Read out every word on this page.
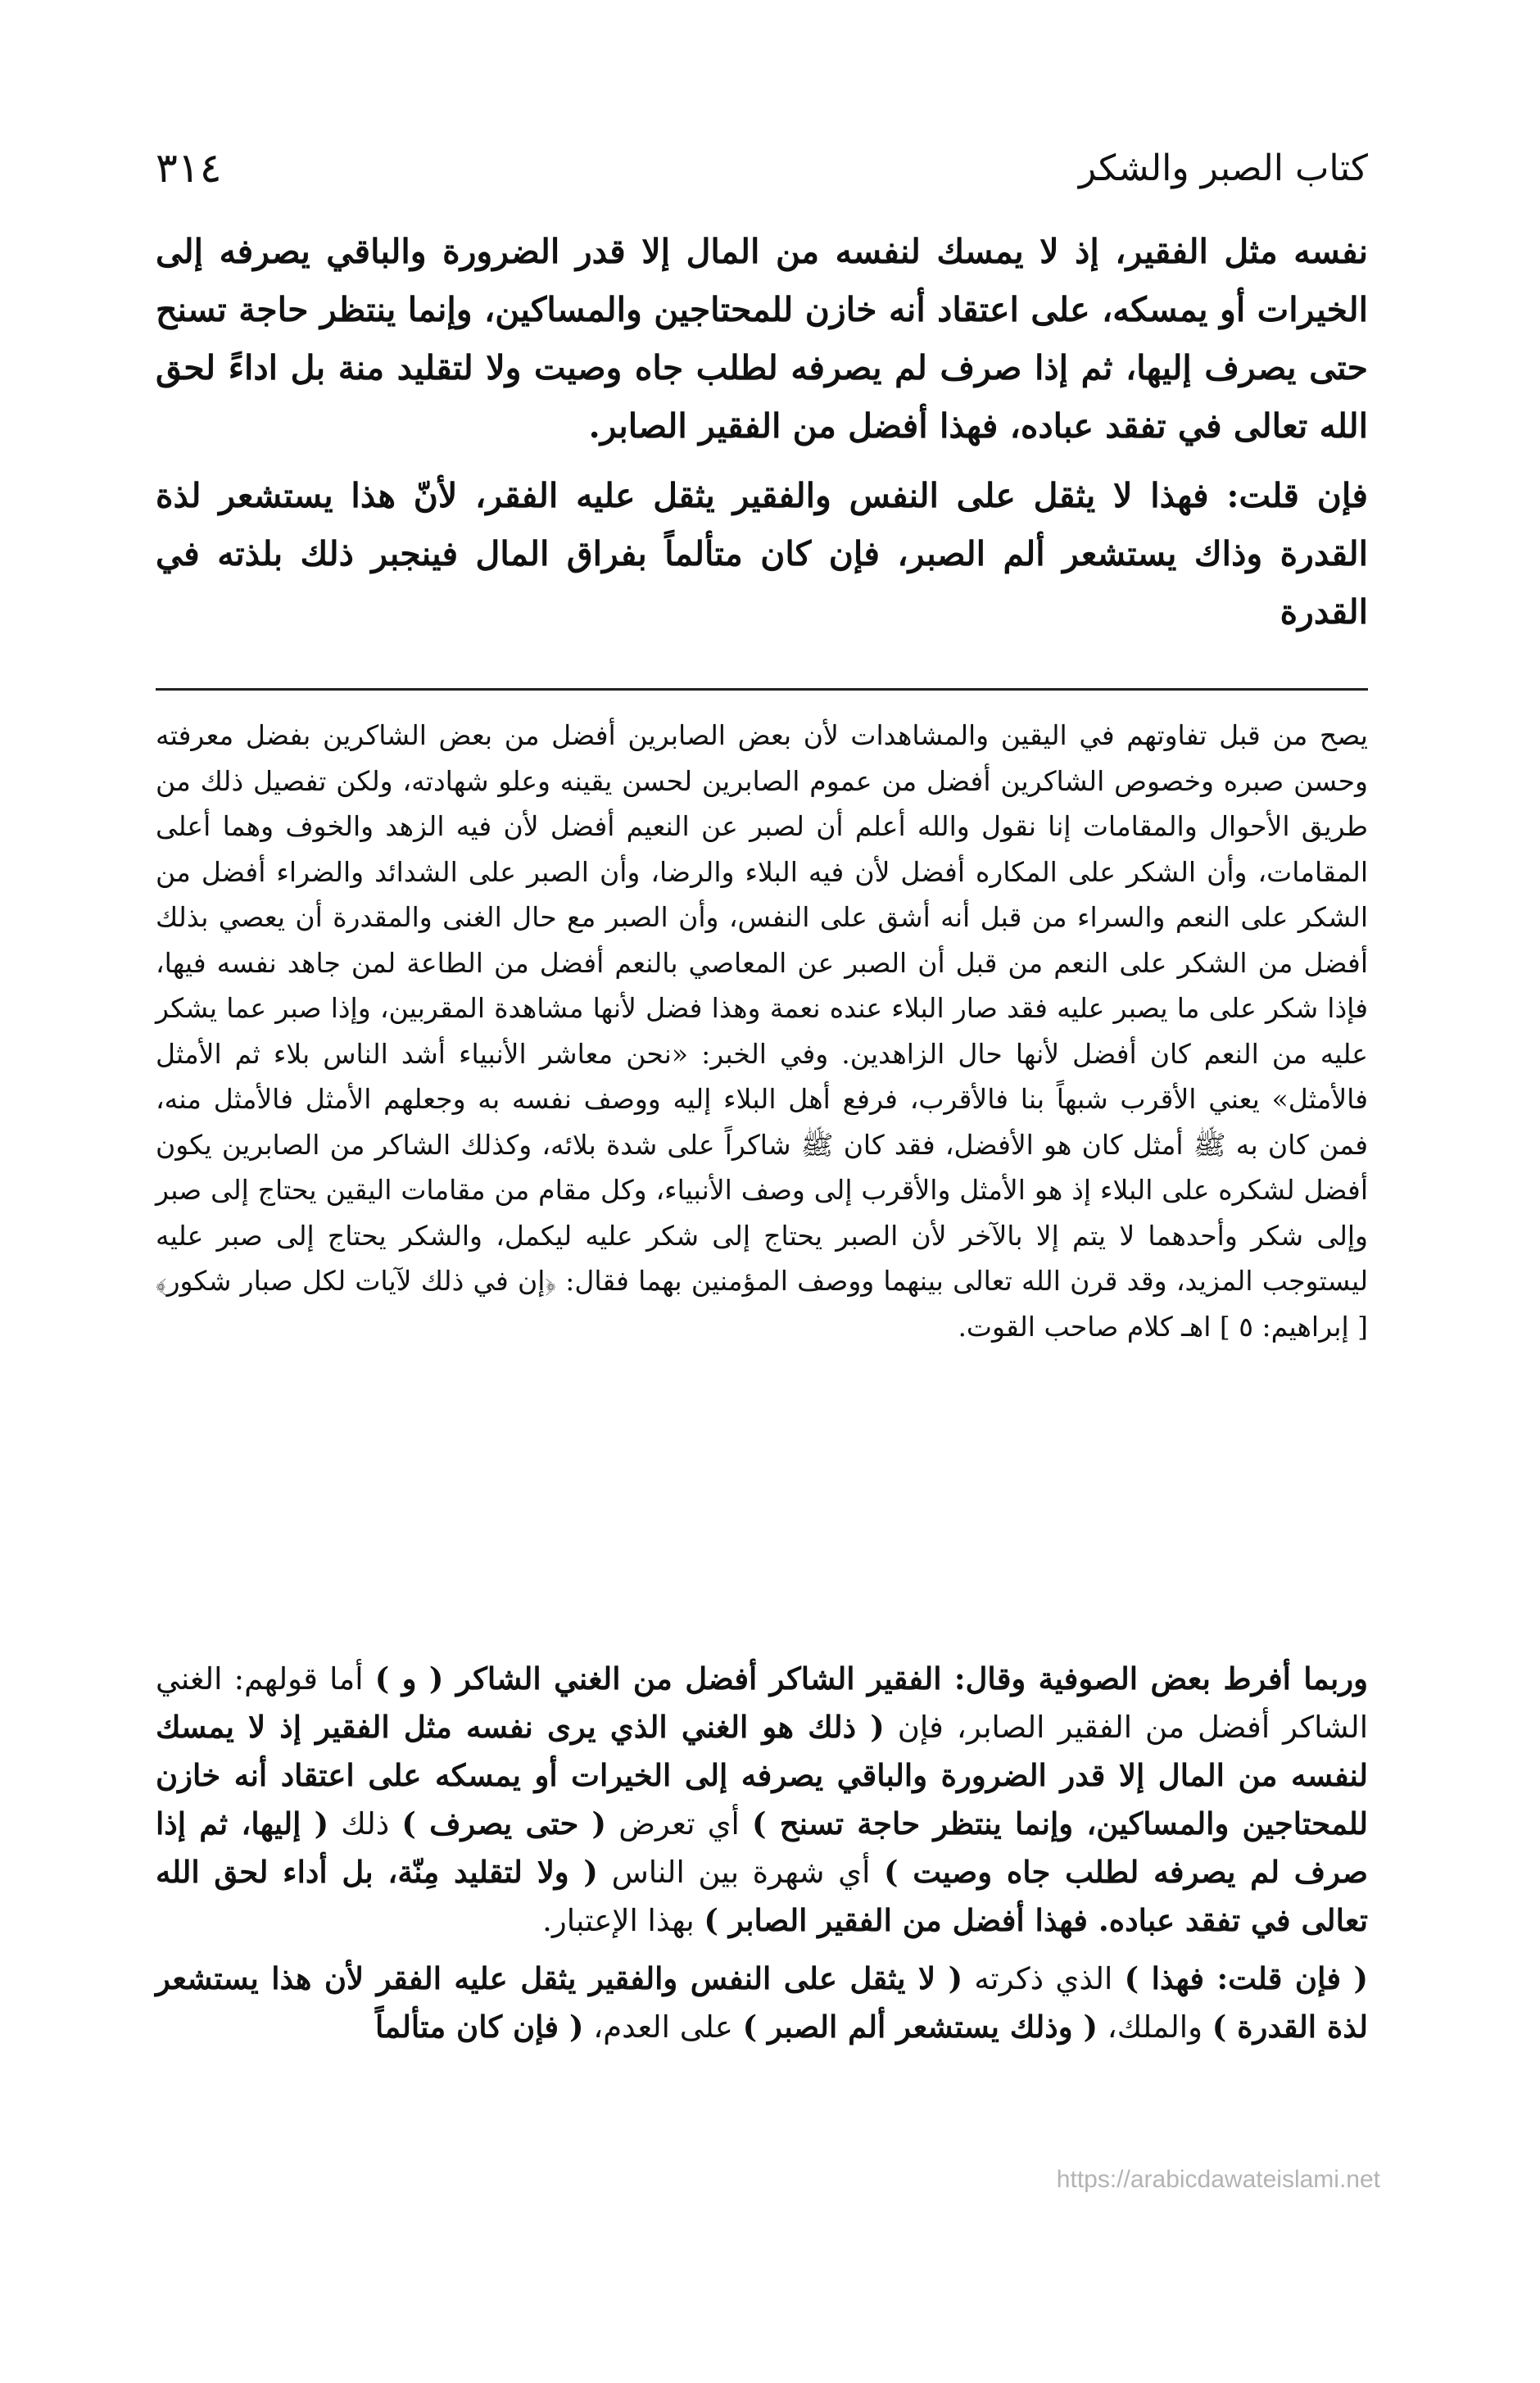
٣١٤	كتاب الصبر والشكر

نفسه مثل الفقير، إذ لا يمسك لنفسه من المال إلا قدر الضرورة والباقي يصرفه إلى الخيرات أو يمسكه، على اعتقاد أنه خازن للمحتاجين والمساكين، وإنما ينتظر حاجة تسنح حتى يصرف إليها، ثم إذا صرف لم يصرفه لطلب جاه وصيت ولا لتقليد منة بل اداءً لحق الله تعالى في تفقد عباده، فهذا أفضل من الفقير الصابر.

فإن قلت: فهذا لا يثقل على النفس والفقير يثقل عليه الفقر، لأنّ هذا يستشعر لذة القدرة وذاك يستشعر ألم الصبر، فإن كان متألماً بفراق المال فينجبر ذلك بلذته في القدرة

يصح من قبل تفاوتهم في اليقين والمشاهدات لأن بعض الصابرين أفضل من بعض الشاكرين بفضل معرفته وحسن صبره وخصوص الشاكرين أفضل من عموم الصابرين لحسن يقينه وعلو شهادته، ولكن تفصيل ذلك من طريق الأحوال والمقامات إنا نقول والله أعلم أن لصبر عن النعيم أفضل لأن فيه الزهد والخوف وهما أعلى المقامات، وأن الشكر على المكاره أفضل لأن فيه البلاء والرضا، وأن الصبر على الشدائد والضراء أفضل من الشكر على النعم والسراء من قبل أنه أشق على النفس، وأن الصبر مع حال الغنى والمقدرة أن يعصي بذلك أفضل من الشكر على النعم من قبل أن الصبر عن المعاصي بالنعم أفضل من الطاعة لمن جاهد نفسه فيها، فإذا شكر على ما يصبر عليه فقد صار البلاء عنده نعمة وهذا فضل لأنها مشاهدة المقربين، وإذا صبر عما يشكر عليه من النعم كان أفضل لأنها حال الزاهدين. وفي الخبر: «نحن معاشر الأنبياء أشد الناس بلاء ثم الأمثل فالأمثل» يعني الأقرب شبهاً بنا فالأقرب، فرفع أهل البلاء إليه ووصف نفسه به وجعلهم الأمثل فالأمثل منه، فمن كان به ﷺ أمثل كان هو الأفضل، فقد كان ﷺ شاكراً على شدة بلائه، وكذلك الشاكر من الصابرين يكون أفضل لشكره على البلاء إذ هو الأمثل والأقرب إلى وصف الأنبياء، وكل مقام من مقامات اليقين يحتاج إلى صبر وإلى شكر وأحدهما لا يتم إلا بالآخر لأن الصبر يحتاج إلى شكر عليه ليكمل، والشكر يحتاج إلى صبر عليه ليستوجب المزيد، وقد قرن الله تعالى بينهما ووصف المؤمنين بهما فقال: ﴿إن في ذلك لآيات لكل صبار شكور﴾ [ إبراهيم: ٥ ] اهـ كلام صاحب القوت.

وربما أفرط بعض الصوفية وقال: الفقير الشاكر أفضل من الغني الشاكر ( و ) أما قولهم: الغني الشاكر أفضل من الفقير الصابر، فإن ( ذلك هو الغني الذي يرى نفسه مثل الفقير إذ لا يمسك لنفسه من المال إلا قدر الضرورة والباقي يصرفه إلى الخيرات أو يمسكه على اعتقاد أنه خازن للمحتاجين والمساكين، وإنما ينتظر حاجة تسنح ) أي تعرض ( حتى يصرف ) ذلك ( إليها، ثم إذا صرف لم يصرفه لطلب جاه وصيت ) أي شهرة بين الناس ( ولا لتقليد مِنّة، بل أداء لحق الله تعالى في تفقد عباده. فهذا أفضل من الفقير الصابر ) بهذا الإعتبار.

( فإن قلت: فهذا ) الذي ذكرته ( لا يثقل على النفس والفقير يثقل عليه الفقر لأن هذا يستشعر لذة القدرة ) والملك، ( وذلك يستشعر ألم الصبر ) على العدم، ( فإن كان متألماً

https://arabicdawateislami.net
